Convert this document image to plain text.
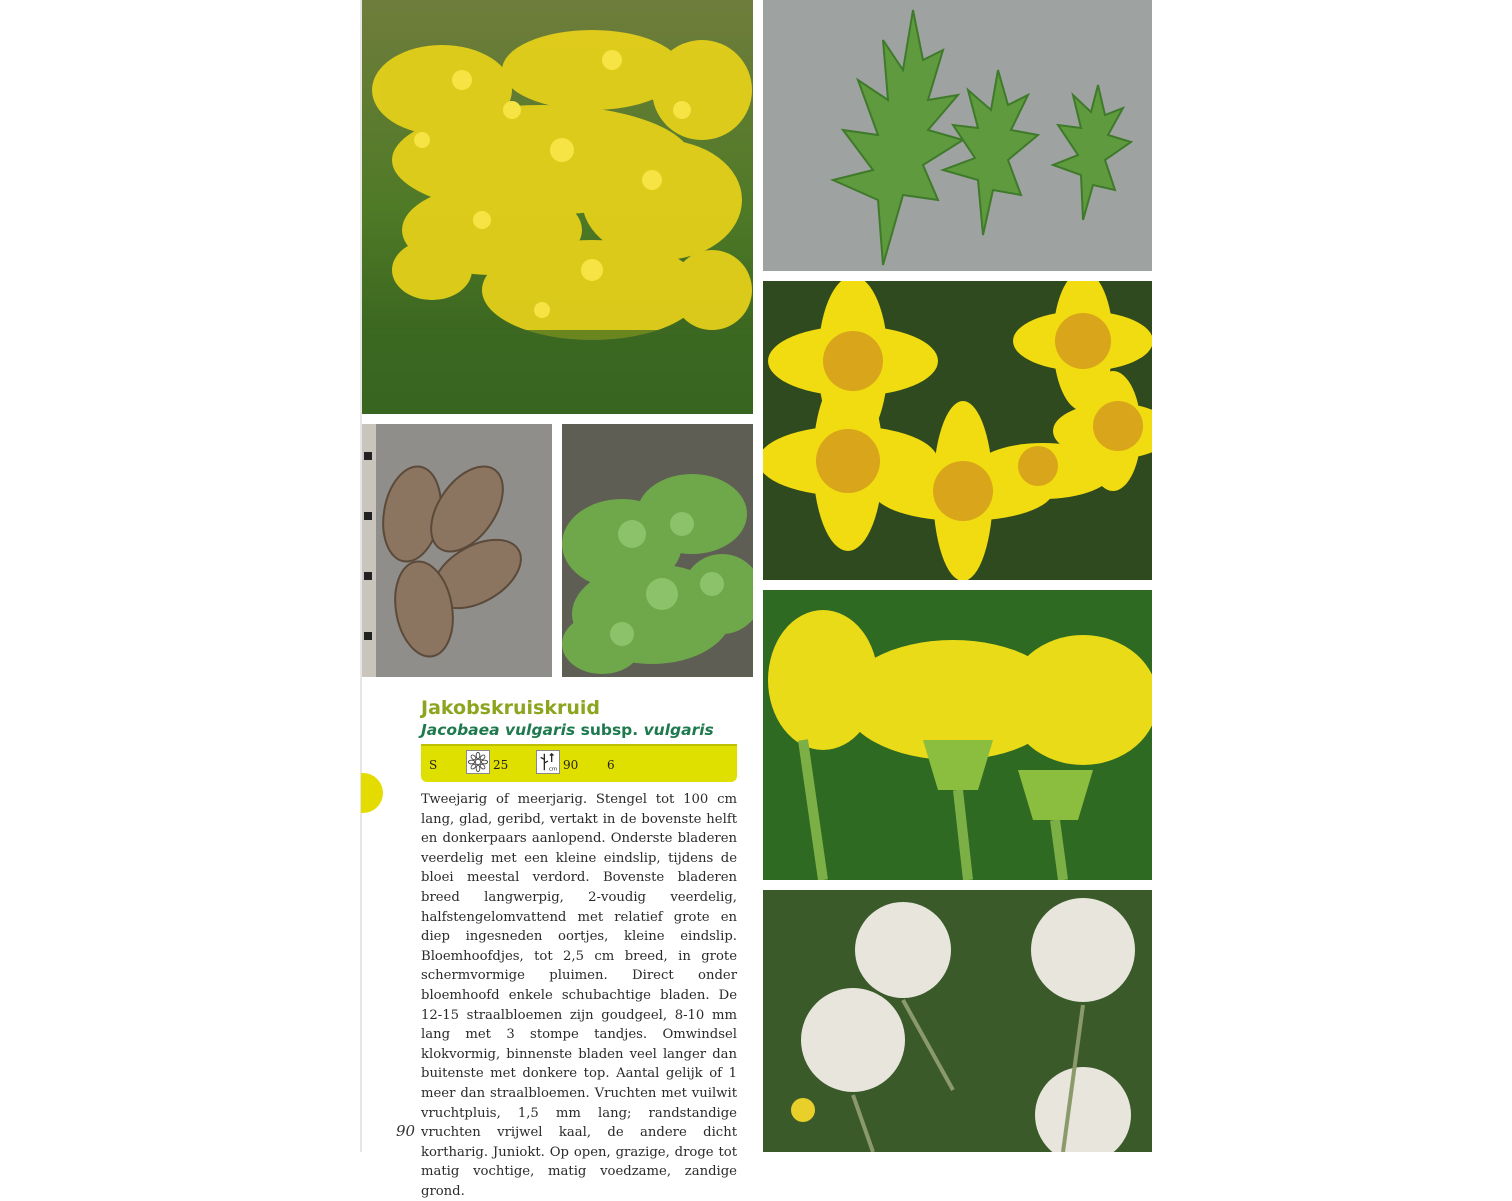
Jakobskruiskruid
Jacobaea vulgaris subsp. vulgaris
S	25	cm 90 6

Tweejarig of meerjarig. Stengel tot 100 cm lang, glad, geribd, vertakt in de bovenste helft en donkerpaars aanlopend. Onderste bladeren veerdelig met een kleine eindslip, tijdens de bloei meestal verdord. Bovenste bladeren breed langwerpig, 2-voudig veerdelig, halfstengelomvattend met relatief grote en diep ingesneden oortjes, kleine eindslip. Bloemhoofdjes, tot 2,5 cm breed, in grote schermvormige pluimen. Direct onder bloemhoofd enkele schubachtige bladen. De 12-15 straalbloemen zijn goudgeel, 8-10 mm lang met 3 stompe tandjes. Omwindsel klokvormig, binnenste bladen veel langer dan buitenste met donkere top. Aantal gelijk of 1 meer dan straalbloemen. Vruchten met vuilwit vruchtpluis, 1,5 mm lang; randstandige vruchten vrijwel kaal, de andere dicht kortharig. Juniokt. Op open, grazige, droge tot matig vochtige, matig voedzame, zandige grond.

90
